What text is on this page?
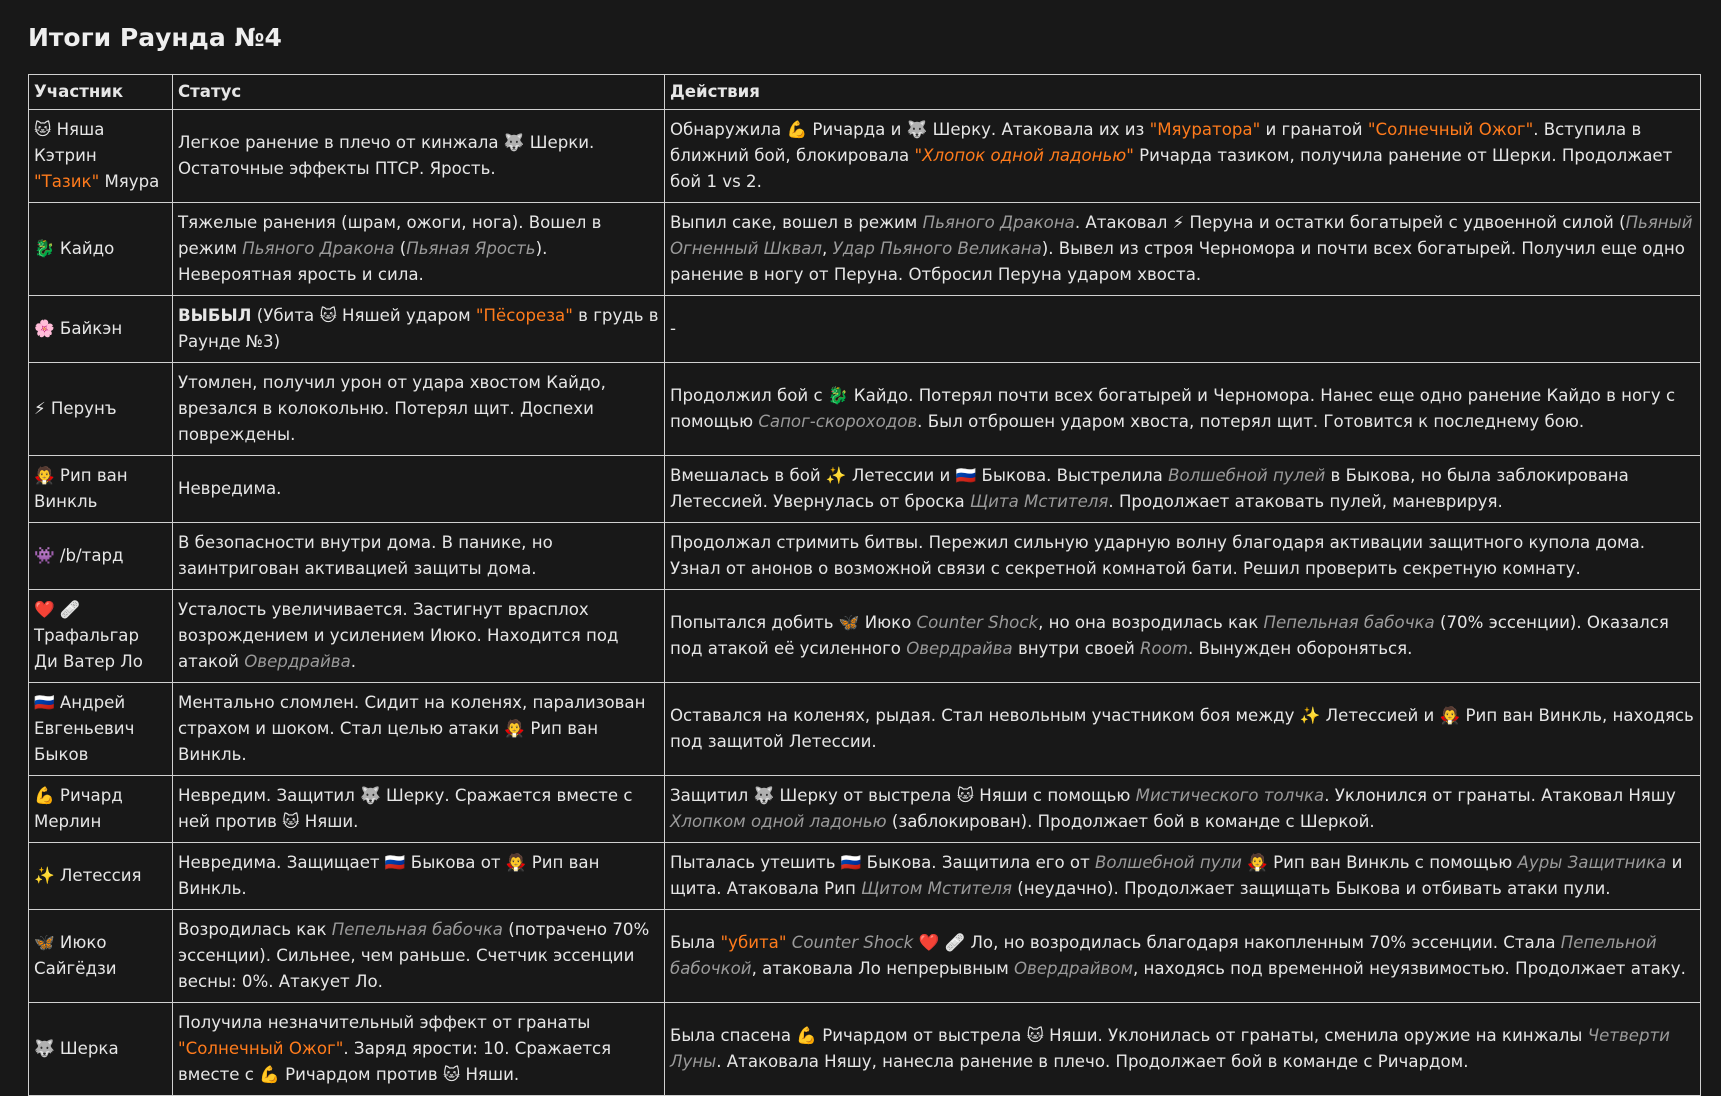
Итоги Раунда №4
Участник	Статус	Действия
🐱 Няша Кэтрин "Тазик" Мяура	Легкое ранение в плечо от кинжала 🐺 Шерки. Остаточные эффекты ПТСР. Ярость.	Обнаружила 💪 Ричарда и 🐺 Шерку. Атаковала их из "Мяуратора" и гранатой "Солнечный Ожог". Вступила в ближний бой, блокировала "Хлопок одной ладонью" Ричарда тазиком, получила ранение от Шерки. Продолжает бой 1 vs 2.
🐉 Кайдо	Тяжелые ранения (шрам, ожоги, нога). Вошел в режим Пьяного Дракона (Пьяная Ярость). Невероятная ярость и сила.	Выпил саке, вошел в режим Пьяного Дракона. Атаковал ⚡ Перуна и остатки богатырей с удвоенной силой (Пьяный Огненный Шквал, Удар Пьяного Великана). Вывел из строя Черномора и почти всех богатырей. Получил еще одно ранение в ногу от Перуна. Отбросил Перуна ударом хвоста.
🌸 Байкэн	ВЫБЫЛ (Убита 🐱 Няшей ударом "Пёсореза" в грудь в Раунде №3)	-
⚡ Перунъ	Утомлен, получил урон от удара хвостом Кайдо, врезался в колокольню. Потерял щит. Доспехи повреждены.	Продолжил бой с 🐉 Кайдо. Потерял почти всех богатырей и Черномора. Нанес еще одно ранение Кайдо в ногу с помощью Сапог-скороходов. Был отброшен ударом хвоста, потерял щит. Готовится к последнему бою.
🧛 Рип ван Винкль	Невредима.	Вмешалась в бой ✨ Летессии и 🇷🇺 Быкова. Выстрелила Волшебной пулей в Быкова, но была заблокирована Летессией. Увернулась от броска Щита Мстителя. Продолжает атаковать пулей, маневрируя.
👾 /b/тард	В безопасности внутри дома. В панике, но заинтригован активацией защиты дома.	Продолжал стримить битвы. Пережил сильную ударную волну благодаря активации защитного купола дома. Узнал от анонов о возможной связи с секретной комнатой бати. Решил проверить секретную комнату.
❤️ 🩹 Трафальгар Ди Ватер Ло	Усталость увеличивается. Застигнут врасплох возрождением и усилением Июко. Находится под атакой Овердрайва.	Попытался добить 🦋 Июко Counter Shock, но она возродилась как Пепельная бабочка (70% эссенции). Оказался под атакой её усиленного Овердрайва внутри своей Room. Вынужден обороняться.
🇷🇺 Андрей Евгеньевич Быков	Ментально сломлен. Сидит на коленях, парализован страхом и шоком. Стал целью атаки 🧛 Рип ван Винкль.	Оставался на коленях, рыдая. Стал невольным участником боя между ✨ Летессией и 🧛 Рип ван Винкль, находясь под защитой Летессии.
💪 Ричард Мерлин	Невредим. Защитил 🐺 Шерку. Сражается вместе с ней против 🐱 Няши.	Защитил 🐺 Шерку от выстрела 🐱 Няши с помощью Мистического толчка. Уклонился от гранаты. Атаковал Няшу Хлопком одной ладонью (заблокирован). Продолжает бой в команде с Шеркой.
✨ Летессия	Невредима. Защищает 🇷🇺 Быкова от 🧛 Рип ван Винкль.	Пыталась утешить 🇷🇺 Быкова. Защитила его от Волшебной пули 🧛 Рип ван Винкль с помощью Ауры Защитника и щита. Атаковала Рип Щитом Мстителя (неудачно). Продолжает защищать Быкова и отбивать атаки пули.
🦋 Июко Сайгёдзи	Возродилась как Пепельная бабочка (потрачено 70% эссенции). Сильнее, чем раньше. Счетчик эссенции весны: 0%. Атакует Ло.	Была "убита" Counter Shock ❤️ 🩹 Ло, но возродилась благодаря накопленным 70% эссенции. Стала Пепельной бабочкой, атаковала Ло непрерывным Овердрайвом, находясь под временной неуязвимостью. Продолжает атаку.
🐺 Шерка	Получила незначительный эффект от гранаты "Солнечный Ожог". Заряд ярости: 10. Сражается вместе с 💪 Ричардом против 🐱 Няши.	Была спасена 💪 Ричардом от выстрела 🐱 Няши. Уклонилась от гранаты, сменила оружие на кинжалы Четверти Луны. Атаковала Няшу, нанесла ранение в плечо. Продолжает бой в команде с Ричардом.
